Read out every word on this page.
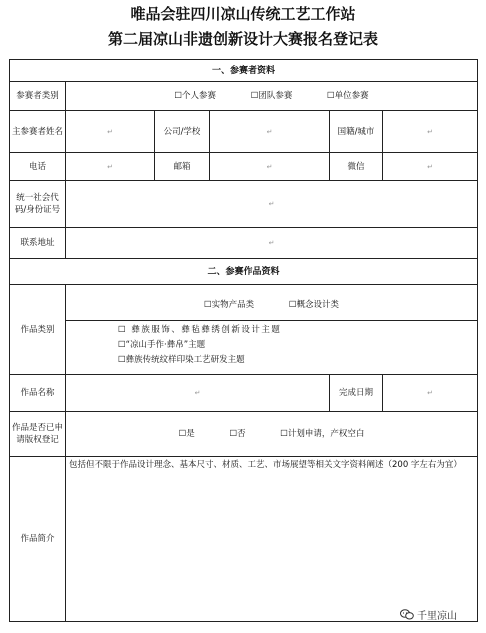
唯品会驻四川凉山传统工艺工作站
第二届凉山非遗创新设计大赛报名登记表
一、参赛者资料					
参赛者类别	☐个人参赛 ☐团队参赛 ☐单位参赛				
主参赛者姓名	↵	公司/学校	↵	国籍/城市	↵
电话	↵	邮箱	↵	微信	↵
统一社会代码/身份证号	↵				
联系地址	↵				
二、参赛作品资料					
作品类别	☐实物产品类 ☐概念设计类
☐ 彝族服饰、彝毡彝绣创新设计主题
☐“凉山手作·彝帛”主题
☐彝族传统纹样印染工艺研发主题				

作品名称	↵			完成日期	↵
作品是否已申请版权登记	☐是 ☐否 ☐计划申请，产权空白				
作品简介	包括但不限于作品设计理念、基本尺寸、材质、工艺、市场展望等相关文字资料阐述（200 字左右为宜）				
千里凉山
